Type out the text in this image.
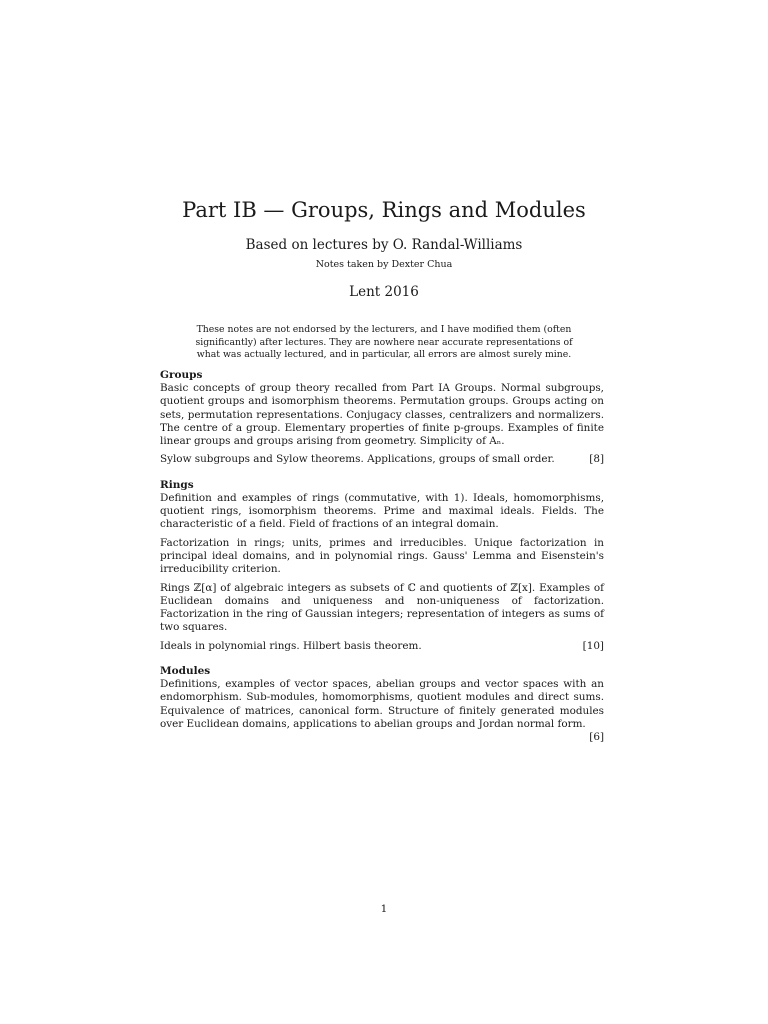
Part IB — Groups, Rings and Modules
Based on lectures by O. Randal-Williams
Notes taken by Dexter Chua
Lent 2016
These notes are not endorsed by the lecturers, and I have modified them (often significantly) after lectures. They are nowhere near accurate representations of what was actually lectured, and in particular, all errors are almost surely mine.

Groups

Basic concepts of group theory recalled from Part IA Groups. Normal subgroups, quotient groups and isomorphism theorems. Permutation groups. Groups acting on sets, permutation representations. Conjugacy classes, centralizers and normalizers. The centre of a group. Elementary properties of finite p-groups. Examples of finite linear groups and groups arising from geometry. Simplicity of Aₙ.

[8]
Sylow subgroups and Sylow theorems. Applications, groups of small order.

Rings

Definition and examples of rings (commutative, with 1). Ideals, homomorphisms, quotient rings, isomorphism theorems. Prime and maximal ideals. Fields. The characteristic of a field. Field of fractions of an integral domain.

Factorization in rings; units, primes and irreducibles. Unique factorization in principal ideal domains, and in polynomial rings. Gauss' Lemma and Eisenstein's irreducibility criterion.

Rings ℤ[α] of algebraic integers as subsets of ℂ and quotients of ℤ[x]. Examples of Euclidean domains and uniqueness and non-uniqueness of factorization. Factorization in the ring of Gaussian integers; representation of integers as sums of two squares.

[10]
Ideals in polynomial rings. Hilbert basis theorem.

Modules

Definitions, examples of vector spaces, abelian groups and vector spaces with an endomorphism. Sub-modules, homomorphisms, quotient modules and direct sums. Equivalence of matrices, canonical form. Structure of finitely generated modules over Euclidean domains, applications to abelian groups and Jordan normal form.
[6]

1
